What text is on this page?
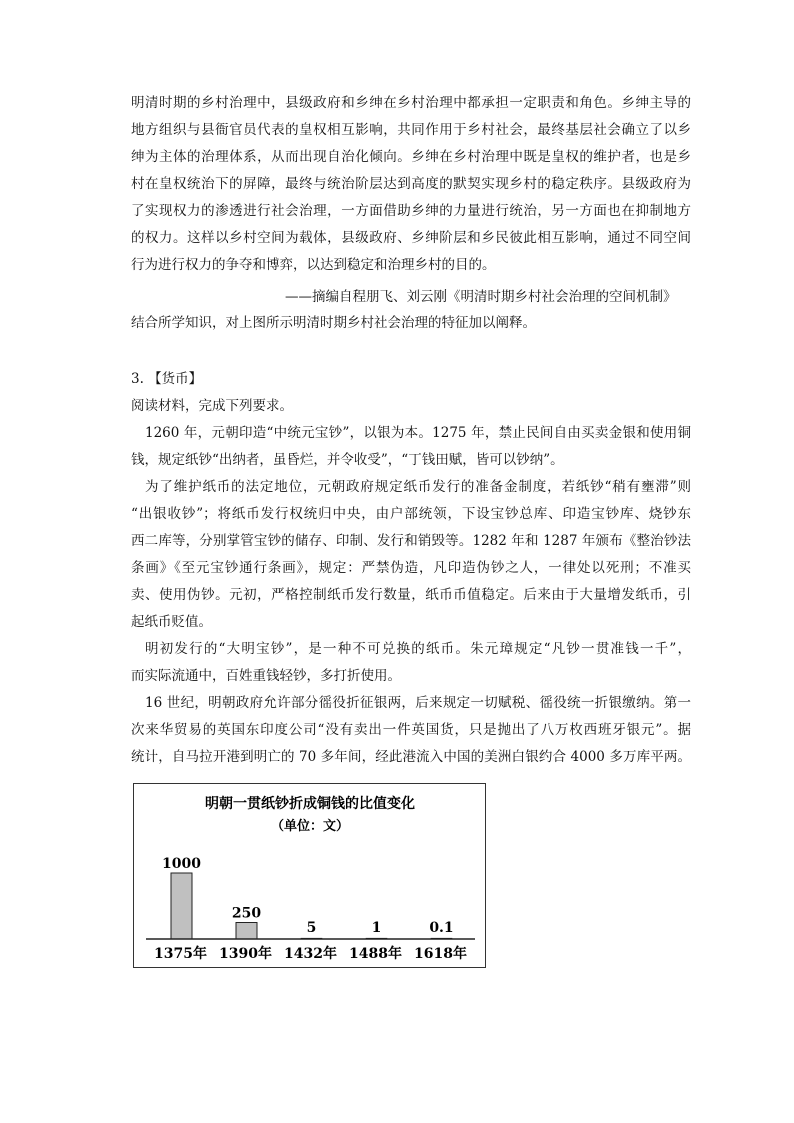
明清时期的乡村治理中，县级政府和乡绅在乡村治理中都承担一定职责和角色。乡绅主导的
地方组织与县衙官员代表的皇权相互影响，共同作用于乡村社会，最终基层社会确立了以乡
绅为主体的治理体系，从而出现自治化倾向。乡绅在乡村治理中既是皇权的维护者，也是乡
村在皇权统治下的屏障，最终与统治阶层达到高度的默契实现乡村的稳定秩序。县级政府为
了实现权力的渗透进行社会治理，一方面借助乡绅的力量进行统治，另一方面也在抑制地方
的权力。这样以乡村空间为载体，县级政府、乡绅阶层和乡民彼此相互影响，通过不同空间
行为进行权力的争夺和博弈，以达到稳定和治理乡村的目的。
——摘编自程朋飞、刘云刚《明清时期乡村社会治理的空间机制》
结合所学知识，对上图所示明清时期乡村社会治理的特征加以阐释。
3. 【货币】
阅读材料，完成下列要求。
1260 年，元朝印造“中统元宝钞”，以银为本。1275 年，禁止民间自由买卖金银和使用铜
钱，规定纸钞“出纳者，虽昏烂，并令收受”，“丁钱田赋，皆可以钞纳”。
为了维护纸币的法定地位，元朝政府规定纸币发行的准备金制度，若纸钞“稍有壅滞”则
“出银收钞”；将纸币发行权统归中央，由户部统领，下设宝钞总库、印造宝钞库、烧钞东
西二库等，分别掌管宝钞的储存、印制、发行和销毁等。1282 年和 1287 年颁布《整治钞法
条画》《至元宝钞通行条画》，规定：严禁伪造，凡印造伪钞之人，一律处以死刑；不准买
卖、使用伪钞。元初，严格控制纸币发行数量，纸币币值稳定。后来由于大量增发纸币，引
起纸币贬值。
明初发行的“大明宝钞”，是一种不可兑换的纸币。朱元璋规定“凡钞一贯准钱一千”，
而实际流通中，百姓重钱轻钞，多打折使用。
16 世纪，明朝政府允许部分徭役折征银两，后来规定一切赋税、徭役统一折银缴纳。第一
次来华贸易的英国东印度公司“没有卖出一件英国货，只是抛出了八万枚西班牙银元”。据
统计，自马拉开港到明亡的 70 多年间，经此港流入中国的美洲白银约合 4000 多万库平两。
明朝一贯纸钞折成铜钱的比值变化
（单位：文）
1000
1375年
250
1390年
5
1432年
1
1488年
0.1
1618年
